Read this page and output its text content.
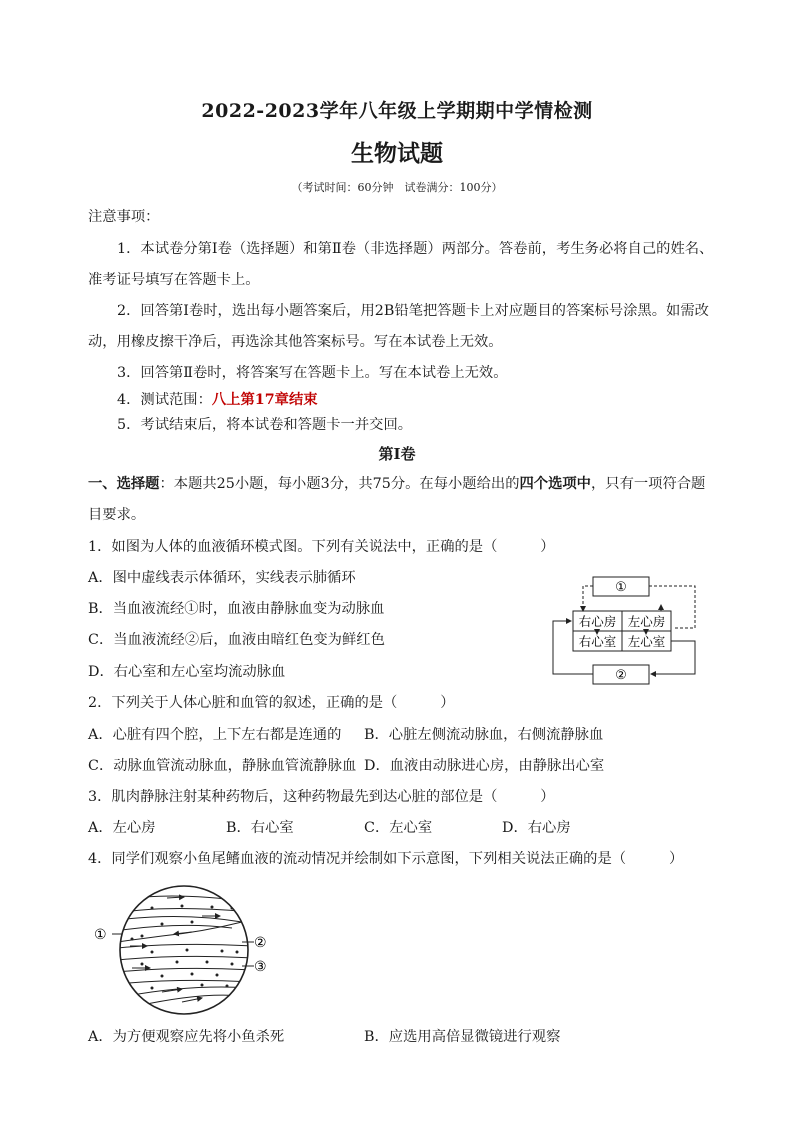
2022-2023学年八年级上学期期中学情检测
生物试题
（考试时间：60分钟　试卷满分：100分）
注意事项：
1．本试卷分第Ⅰ卷（选择题）和第Ⅱ卷（非选择题）两部分。答卷前，考生务必将自己的姓名、
准考证号填写在答题卡上。
2．回答第Ⅰ卷时，选出每小题答案后，用2B铅笔把答题卡上对应题目的答案标号涂黑。如需改
动，用橡皮擦干净后，再选涂其他答案标号。写在本试卷上无效。
3．回答第Ⅱ卷时，将答案写在答题卡上。写在本试卷上无效。
4．测试范围：八上第17章结束
5．考试结束后，将本试卷和答题卡一并交回。
第Ⅰ卷
一、选择题：本题共25小题，每小题3分，共75分。在每小题给出的四个选项中，只有一项符合题
目要求。
1．如图为人体的血液循环模式图。下列有关说法中，正确的是（　　　）
A．图中虚线表示体循环，实线表示肺循环
B．当血液流经①时，血液由静脉血变为动脉血
C．当血液流经②后，血液由暗红色变为鲜红色
D．右心室和左心室均流动脉血
①
右心房 左心房
右心室 左心室
②
2．下列关于人体心脏和血管的叙述，正确的是（　　　）
A．心脏有四个腔，上下左右都是连通的 B．心脏左侧流动脉血，右侧流静脉血
C．动脉血管流动脉血，静脉血管流静脉血 D．血液由动脉进心房，由静脉出心室
3．肌肉静脉注射某种药物后，这种药物最先到达心脏的部位是（　　　）
A．左心房	B．右心室	C．左心室	D．右心房
4．同学们观察小鱼尾鳍血液的流动情况并绘制如下示意图，下列相关说法正确的是（　　　）
①	②
③
A．为方便观察应先将小鱼杀死	B．应选用高倍显微镜进行观察
